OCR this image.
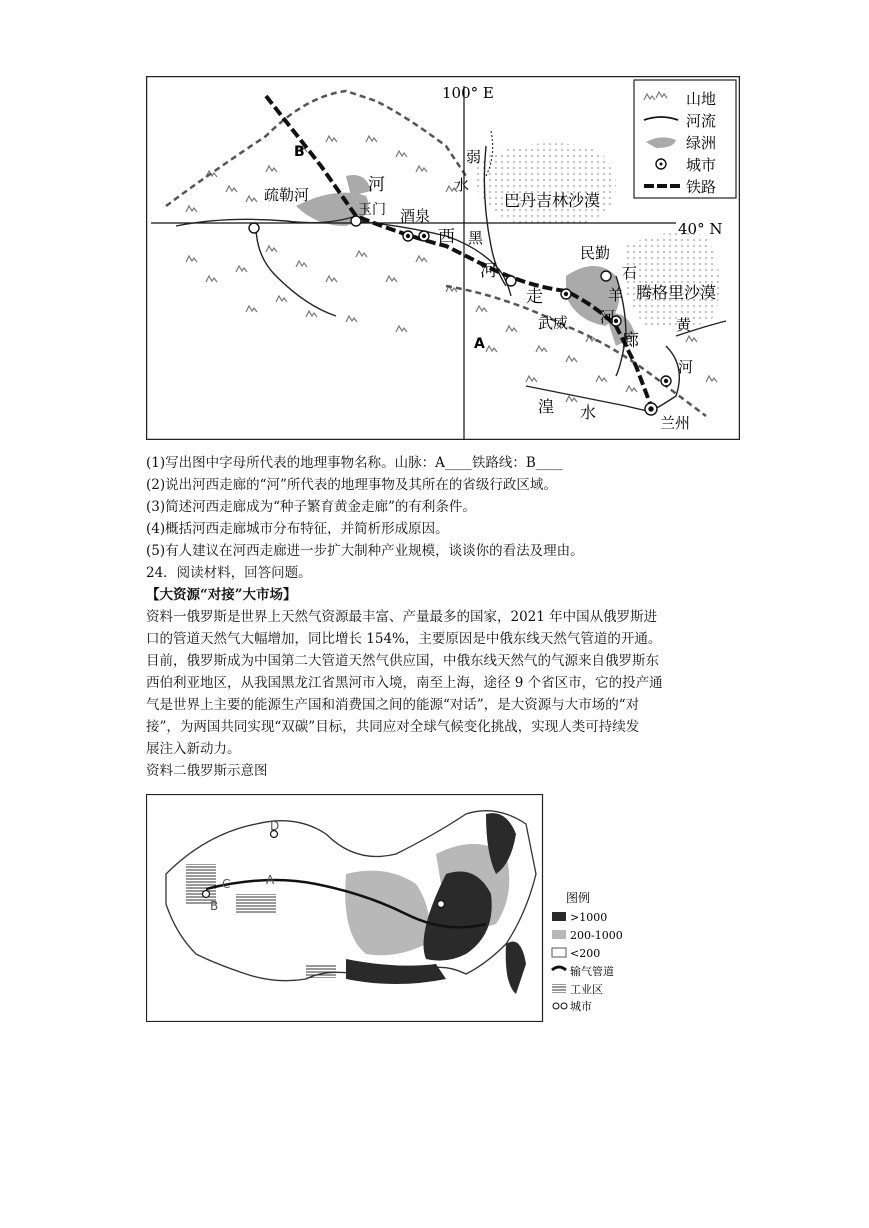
100° E
40° N
B
A
疏勒河	河
玉门 酒泉
西 黑
河
走
弱
水
巴丹吉林沙漠
民勤
石
羊
河
廊
武威
腾格里沙漠
黄
河
湟 水
兰州
山地
河流
绿洲
城市
铁路

(1)写出图中字母所代表的地理事物名称。山脉：A____铁路线：B____

(2)说出河西走廊的“河”所代表的地理事物及其所在的省级行政区域。

(3)简述河西走廊成为“种子繁育黄金走廊”的有利条件。

(4)概括河西走廊城市分布特征，并简析形成原因。

(5)有人建议在河西走廊进一步扩大制种产业规模，谈谈你的看法及理由。

24．阅读材料，回答问题。

【大资源“对接”大市场】

资料一俄罗斯是世界上天然气资源最丰富、产量最多的国家，2021 年中国从俄罗斯进

口的管道天然气大幅增加，同比增长 154%，主要原因是中俄东线天然气管道的开通。

目前，俄罗斯成为中国第二大管道天然气供应国，中俄东线天然气的气源来自俄罗斯东

西伯利亚地区，从我国黑龙江省黑河市入境，南至上海，途径 9 个省区市，它的投产通

气是世界上主要的能源生产国和消费国之间的能源“对话”，是大资源与大市场的“对

接”，为两国共同实现“双碳”目标，共同应对全球气候变化挑战，实现人类可持续发

展注入新动力。

资料二俄罗斯示意图

A
B
C
D
图例
>1000
200-1000
<200
输气管道
工业区
城市
